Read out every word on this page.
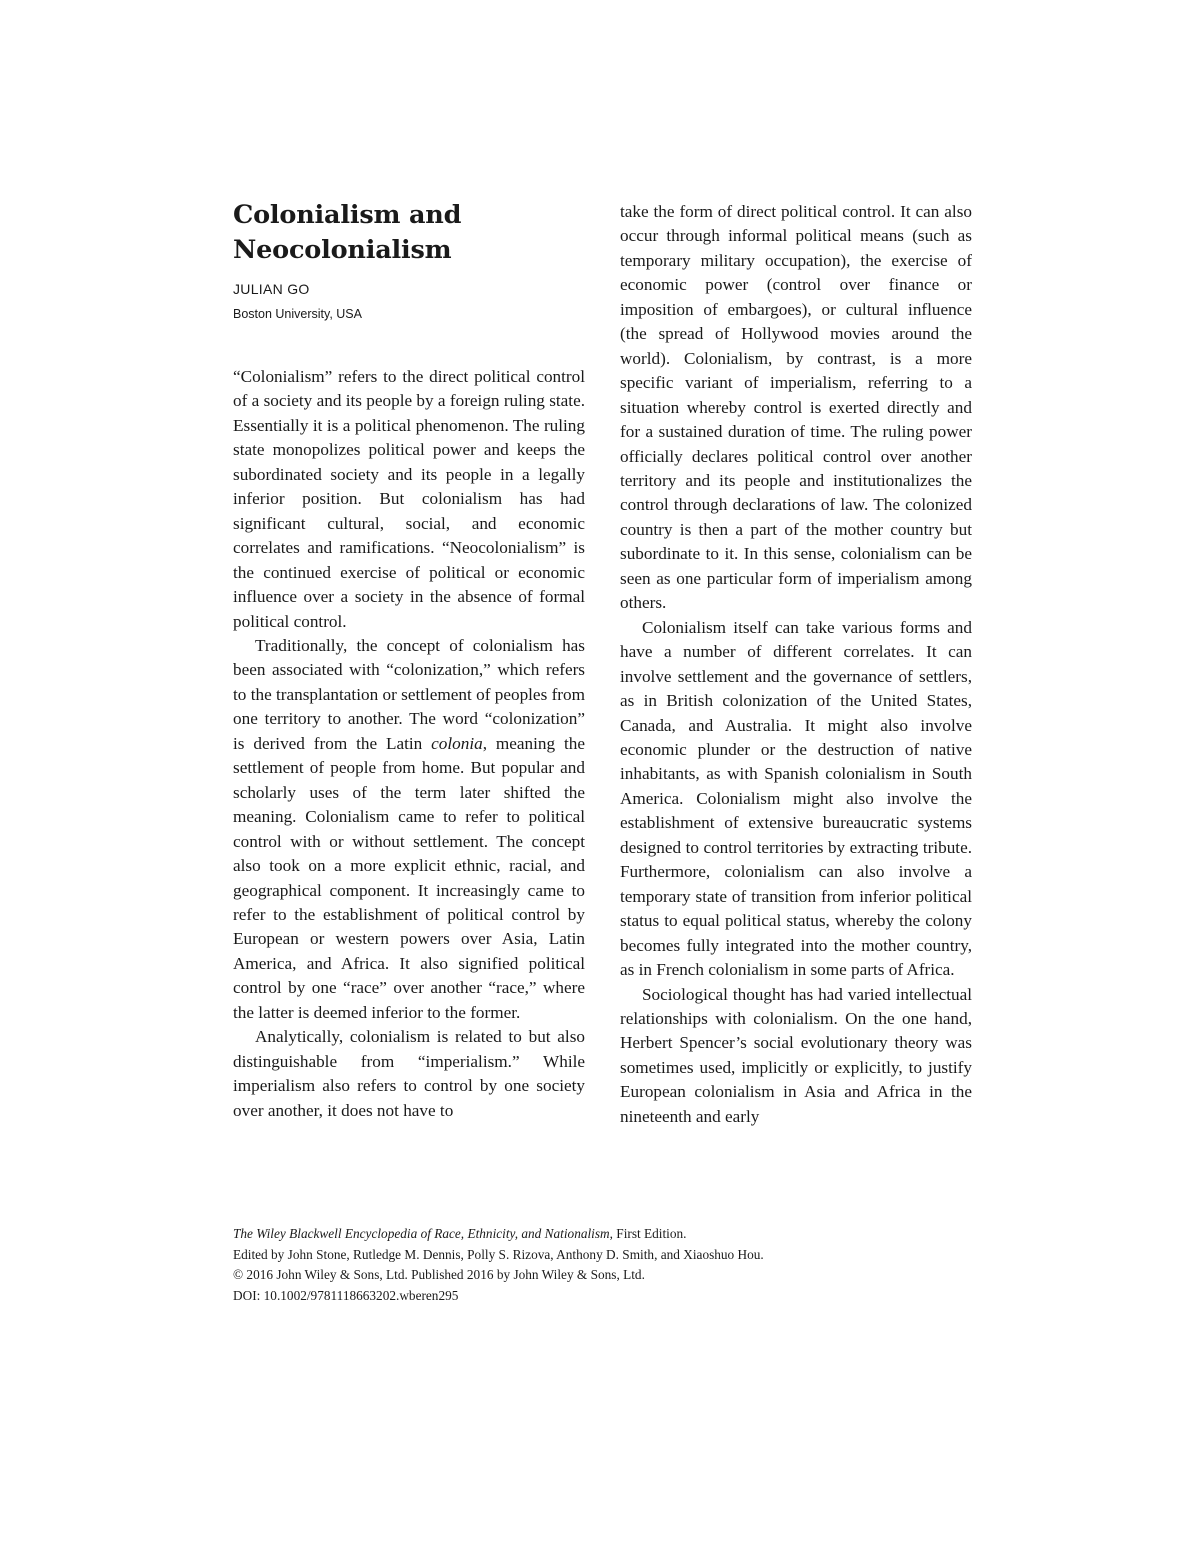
Colonialism and
Neocolonialism

JULIAN GO

Boston University, USA

“Colonialism” refers to the direct political control of a society and its people by a foreign ruling state. Essentially it is a political phenomenon. The ruling state monopolizes political power and keeps the subordinated society and its people in a legally inferior position. But colonialism has had significant cultural, social, and economic correlates and ramifications. “Neocolonialism” is the continued exercise of political or economic influence over a society in the absence of formal political control.

Traditionally, the concept of colonialism has been associated with “colonization,” which refers to the transplantation or settlement of peoples from one territory to another. The word “colonization” is derived from the Latin colonia, meaning the settlement of people from home. But popular and scholarly uses of the term later shifted the meaning. Colonialism came to refer to political control with or without settlement. The concept also took on a more explicit ethnic, racial, and geographical component. It increasingly came to refer to the establishment of political control by European or western powers over Asia, Latin America, and Africa. It also signified political control by one “race” over another “race,” where the latter is deemed inferior to the former.

Analytically, colonialism is related to but also distinguishable from “imperialism.” While imperialism also refers to control by one society over another, it does not have to

take the form of direct political control. It can also occur through informal political means (such as temporary military occupation), the exercise of economic power (control over finance or imposition of embargoes), or cultural influence (the spread of Hollywood movies around the world). Colonialism, by contrast, is a more specific variant of imperialism, referring to a situation whereby control is exerted directly and for a sustained duration of time. The ruling power officially declares political control over another territory and its people and institutionalizes the control through declarations of law. The colonized country is then a part of the mother country but subordinate to it. In this sense, colonialism can be seen as one particular form of imperialism among others.

Colonialism itself can take various forms and have a number of different correlates. It can involve settlement and the governance of settlers, as in British colonization of the United States, Canada, and Australia. It might also involve economic plunder or the destruction of native inhabitants, as with Spanish colonialism in South America. Colonialism might also involve the establishment of extensive bureaucratic systems designed to control territories by extracting tribute. Furthermore, colonialism can also involve a temporary state of transition from inferior political status to equal political status, whereby the colony becomes fully integrated into the mother country, as in French colonialism in some parts of Africa.

Sociological thought has had varied intellectual relationships with colonialism. On the one hand, Herbert Spencer’s social evolutionary theory was sometimes used, implicitly or explicitly, to justify European colonialism in Asia and Africa in the nineteenth and early

The Wiley Blackwell Encyclopedia of Race, Ethnicity, and Nationalism, First Edition.

Edited by John Stone, Rutledge M. Dennis, Polly S. Rizova, Anthony D. Smith, and Xiaoshuo Hou.

© 2016 John Wiley & Sons, Ltd. Published 2016 by John Wiley & Sons, Ltd.

DOI: 10.1002/9781118663202.wberen295
